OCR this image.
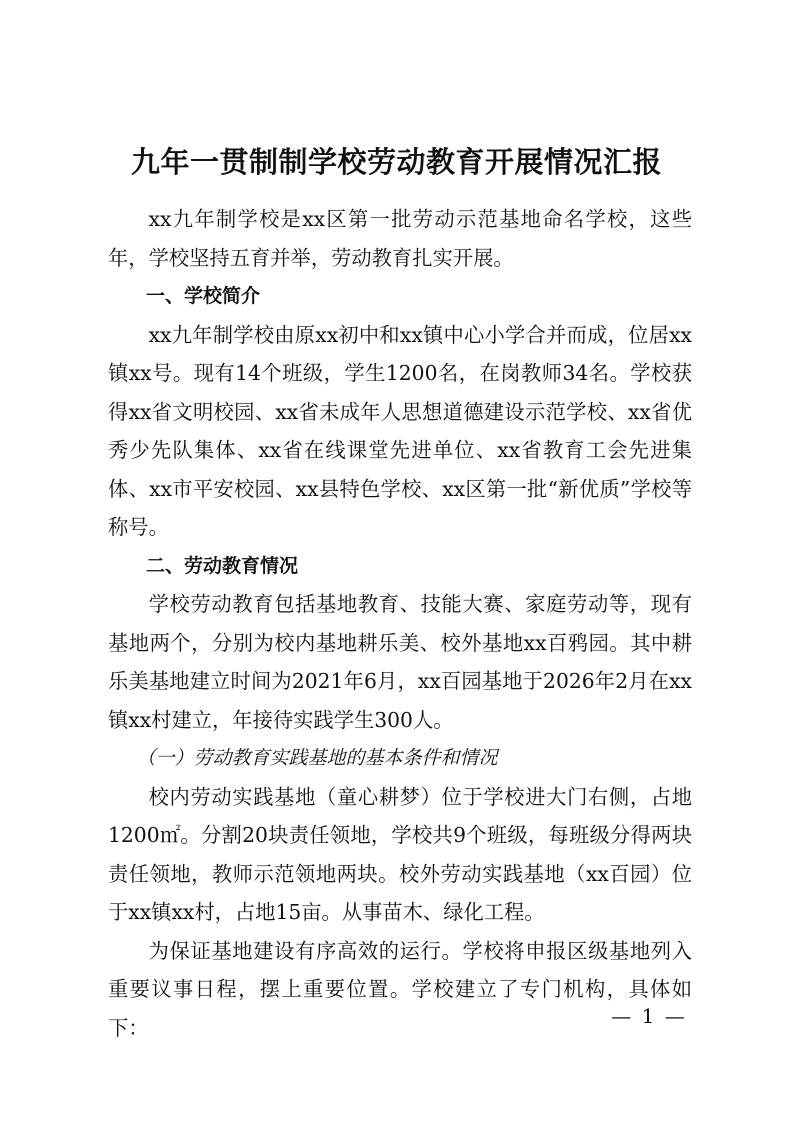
九年一贯制制学校劳动教育开展情况汇报

xx九年制学校是xx区第一批劳动示范基地命名学校，这些年，学校坚持五育并举，劳动教育扎实开展。

一、学校简介

xx九年制学校由原xx初中和xx镇中心小学合并而成，位居xx镇xx号。现有14个班级，学生1200名，在岗教师34名。学校获得xx省文明校园、xx省未成年人思想道德建设示范学校、xx省优秀少先队集体、xx省在线课堂先进单位、xx省教育工会先进集体、xx市平安校园、xx县特色学校、xx区第一批“新优质”学校等称号。

二、劳动教育情况

学校劳动教育包括基地教育、技能大赛、家庭劳动等，现有基地两个，分别为校内基地耕乐美、校外基地xx百鸦园。其中耕乐美基地建立时间为2021年6月，xx百园基地于2026年2月在xx镇xx村建立，年接待实践学生300人。

（一）劳动教育实践基地的基本条件和情况

校内劳动实践基地（童心耕梦）位于学校进大门右侧，占地1200㎡。分割20块责任领地，学校共9个班级，每班级分得两块责任领地，教师示范领地两块。校外劳动实践基地（xx百园）位于xx镇xx村，占地15亩。从事苗木、绿化工程。

为保证基地建设有序高效的运行。学校将申报区级基地列入重要议事日程，摆上重要位置。学校建立了专门机构，具体如下：	— 1 —
